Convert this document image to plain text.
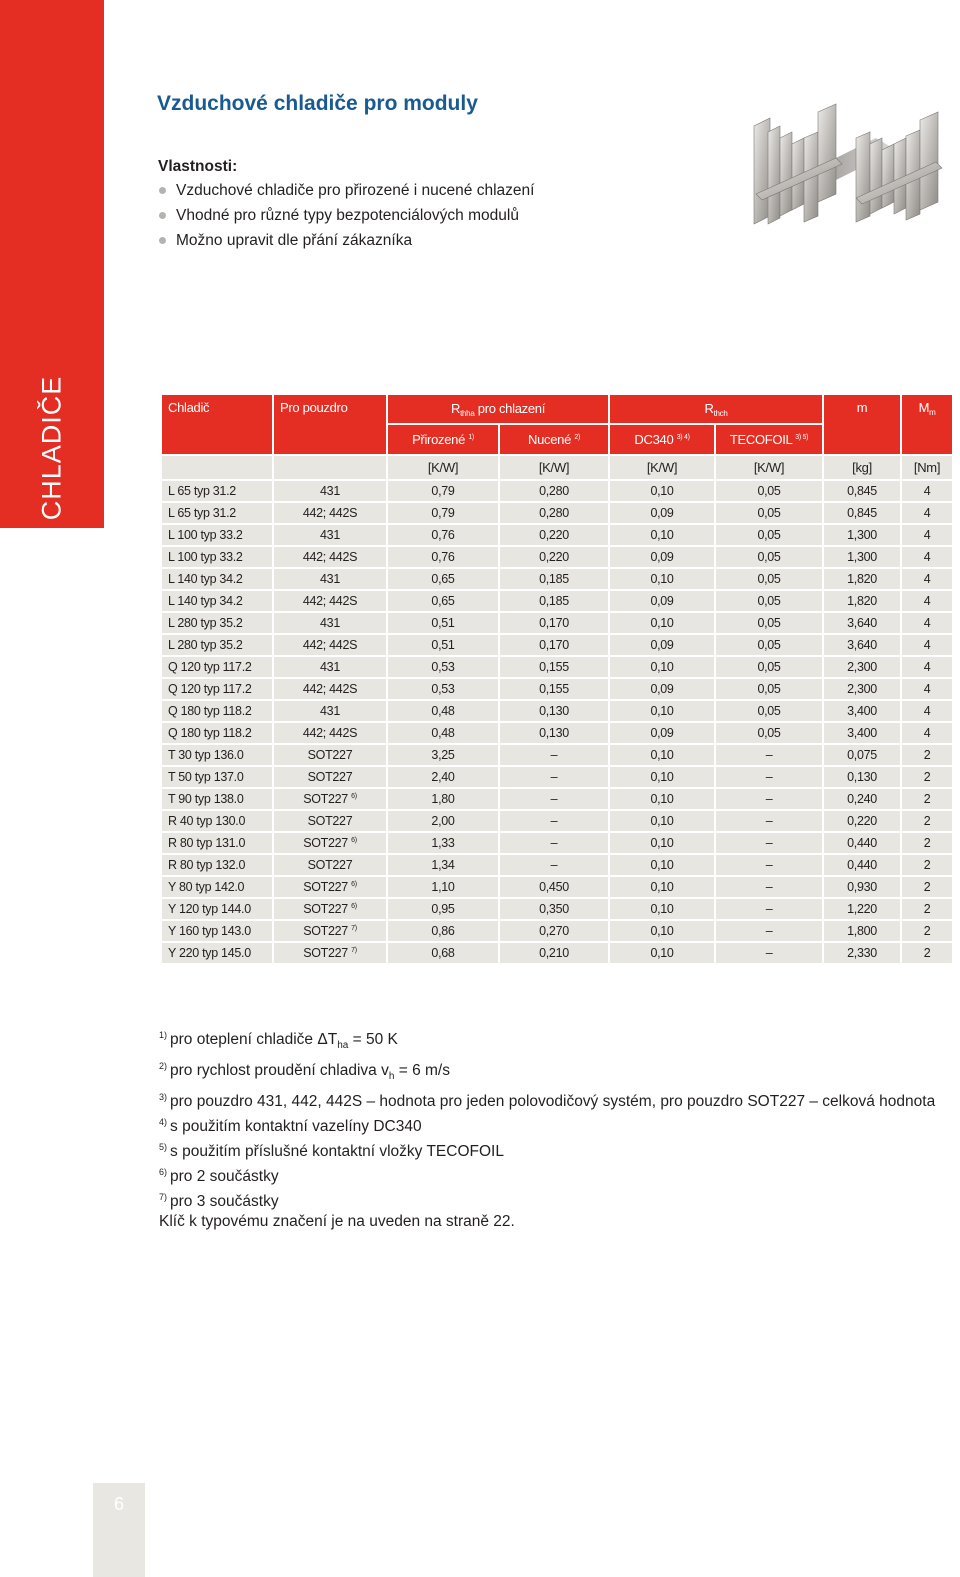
CHLADIČE
Vzduchové chladiče pro moduly
Vlastnosti:
Vzduchové chladiče pro přirozené i nucené chlazení
Vhodné pro různé typy bezpotenciálových modulů
Možno upravit dle přání zákazníka
Chladič	Pro pouzdro	$R_{thha}$ pro chlazení		$R_{thch}$		m	$M_m$
		Přirozené $^{1)}$	Nucené $^{2)}$	DC340 $^{3) 4)}$	TECOFOIL $^{3) 5)}$
		[K/W]	[K/W]	[K/W]	[K/W]	[kg]	[Nm]
L 65 typ 31.2	431	0,79	0,280	0,10	0,05	0,845	4
L 65 typ 31.2	442; 442S	0,79	0,280	0,09	0,05	0,845	4
L 100 typ 33.2	431	0,76	0,220	0,10	0,05	1,300	4
L 100 typ 33.2	442; 442S	0,76	0,220	0,09	0,05	1,300	4
L 140 typ 34.2	431	0,65	0,185	0,10	0,05	1,820	4
L 140 typ 34.2	442; 442S	0,65	0,185	0,09	0,05	1,820	4
L 280 typ 35.2	431	0,51	0,170	0,10	0,05	3,640	4
L 280 typ 35.2	442; 442S	0,51	0,170	0,09	0,05	3,640	4
Q 120 typ 117.2	431	0,53	0,155	0,10	0,05	2,300	4
Q 120 typ 117.2	442; 442S	0,53	0,155	0,09	0,05	2,300	4
Q 180 typ 118.2	431	0,48	0,130	0,10	0,05	3,400	4
Q 180 typ 118.2	442; 442S	0,48	0,130	0,09	0,05	3,400	4
T 30 typ 136.0	SOT227	3,25	–	0,10	–	0,075	2
T 50 typ 137.0	SOT227	2,40	–	0,10	–	0,130	2
T 90 typ 138.0	SOT227 $^{6)}$	1,80	–	0,10	–	0,240	2
R 40 typ 130.0	SOT227	2,00	–	0,10	–	0,220	2
R 80 typ 131.0	SOT227 $^{6)}$	1,33	–	0,10	–	0,440	2
R 80 typ 132.0	SOT227	1,34	–	0,10	–	0,440	2
Y 80 typ 142.0	SOT227 $^{6)}$	1,10	0,450	0,10	–	0,930	2
Y 120 typ 144.0	SOT227 $^{6)}$	0,95	0,350	0,10	–	1,220	2
Y 160 typ 143.0	SOT227 $^{7)}$	0,86	0,270	0,10	–	1,800	2
Y 220 typ 145.0	SOT227 $^{7)}$	0,68	0,210	0,10	–	2,330	2
$^{1)}$ pro oteplení chladiče $\Delta T_{ha} = 50$ K
$^{2)}$ pro rychlost proudění chladiva $v_h = 6$ m/s
$^{3)}$ pro pouzdro 431, 442, 442S – hodnota pro jeden polovodičový systém, pro pouzdro SOT227 – celková hodnota
$^{4)}$ s použitím kontaktní vazelíny DC340
$^{5)}$ s použitím příslušné kontaktní vložky TECOFOIL
$^{6)}$ pro 2 součástky
$^{7)}$ pro 3 součástky
Klíč k typovému značení je na uveden na straně 22.
6
